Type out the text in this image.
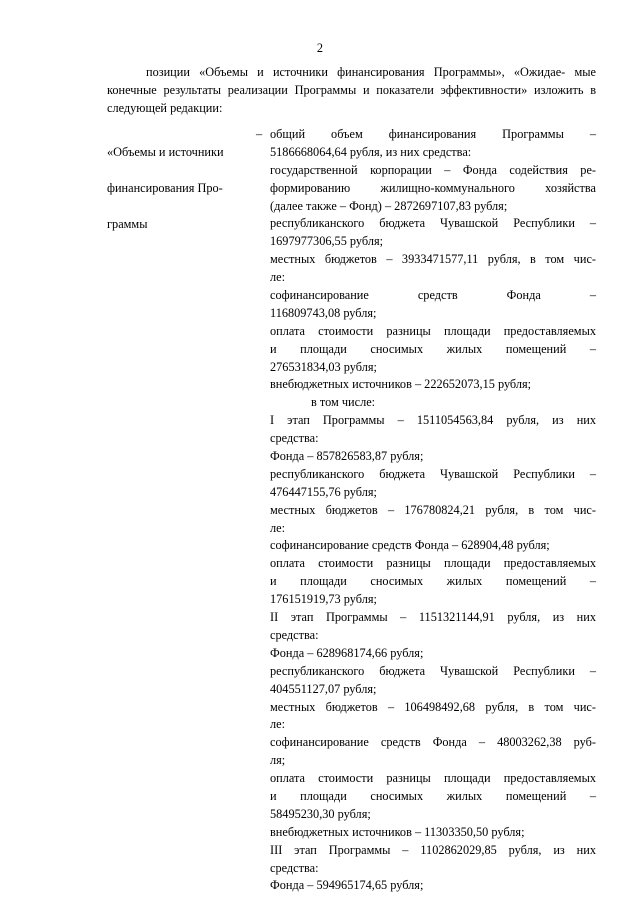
2

позиции «Объемы и источники финансирования Программы», «Ожидае- мые конечные результаты реализации Программы и показатели эффективности» изложить в следующей редакции:

«Объемы и источники

финансирования Про-

граммы

– общий объем финансирования Программы –
5186668064,64 рубля, из них средства:
государственной корпорации – Фонда содействия ре-
формированию жилищно-коммунального хозяйства
(далее также – Фонд) – 2872697107,83 рубля;
республиканского бюджета Чувашской Республики –
1697977306,55 рубля;
местных бюджетов – 3933471577,11 рубля, в том чис-
ле:
софинансирование средств Фонда –
116809743,08 рубля;
оплата стоимости разницы площади предоставляемых
и площади сносимых жилых помещений –
276531834,03 рубля;
внебюджетных источников – 222652073,15 рубля;
в том числе:
I этап Программы – 1511054563,84 рубля, из них
средства:
Фонда – 857826583,87 рубля;
республиканского бюджета Чувашской Республики –
476447155,76 рубля;
местных бюджетов – 176780824,21 рубля, в том чис-
ле:
софинансирование средств Фонда – 628904,48 рубля;
оплата стоимости разницы площади предоставляемых
и площади сносимых жилых помещений –
176151919,73 рубля;
II этап Программы – 1151321144,91 рубля, из них
средства:
Фонда – 628968174,66 рубля;
республиканского бюджета Чувашской Республики –
404551127,07 рубля;
местных бюджетов – 106498492,68 рубля, в том чис-
ле:
софинансирование средств Фонда – 48003262,38 руб-
ля;
оплата стоимости разницы площади предоставляемых
и площади сносимых жилых помещений –
58495230,30 рубля;
внебюджетных источников – 11303350,50 рубля;
III этап Программы – 1102862029,85 рубля, из них
средства:
Фонда – 594965174,65 рубля;
